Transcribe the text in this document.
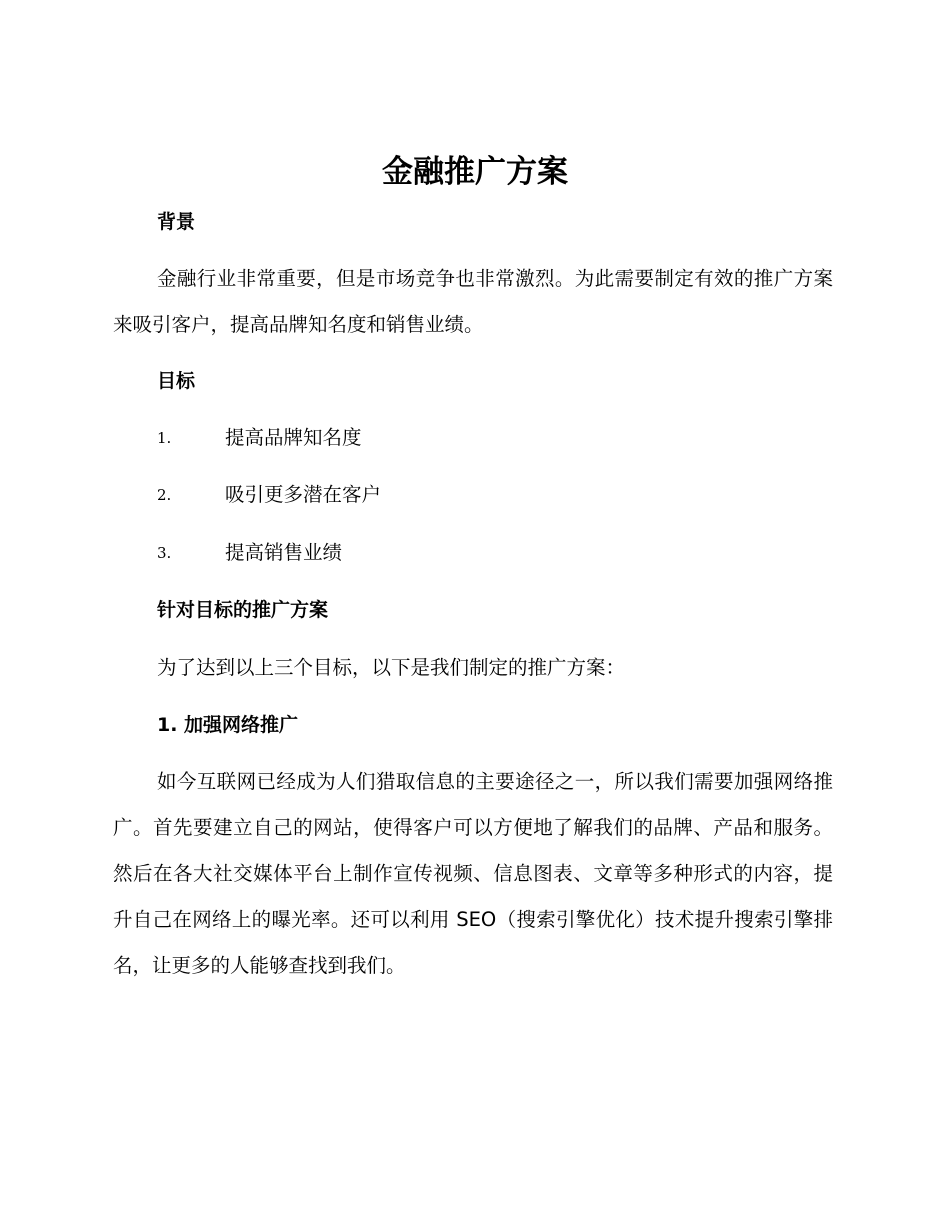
金融推广方案
背景

金融行业非常重要，但是市场竞争也非常激烈。为此需要制定有效的推广方案来吸引客户，提高品牌知名度和销售业绩。

目标
1.	提高品牌知名度
2.	吸引更多潜在客户
3.	提高销售业绩
针对目标的推广方案

为了达到以上三个目标，以下是我们制定的推广方案：

1. 加强网络推广

如今互联网已经成为人们猎取信息的主要途径之一，所以我们需要加强网络推广。首先要建立自己的网站，使得客户可以方便地了解我们的品牌、产品和服务。然后在各大社交媒体平台上制作宣传视频、信息图表、文章等多种形式的内容，提升自己在网络上的曝光率。还可以利用 SEO（搜索引擎优化）技术提升搜索引擎排名，让更多的人能够查找到我们。
